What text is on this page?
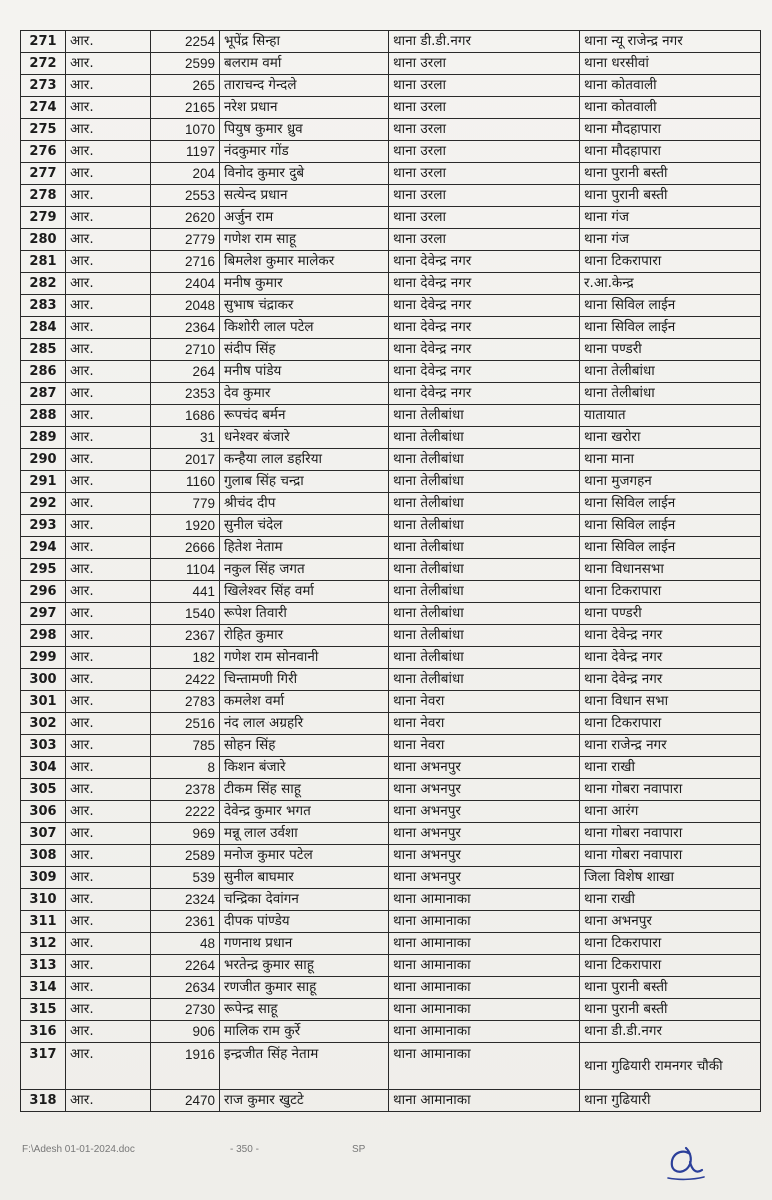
271	आर.	2254	भूपेंद्र सिन्हा	थाना डी.डी.नगर	थाना न्यू राजेन्द्र नगर
272	आर.	2599	बलराम वर्मा	थाना उरला	थाना धरसीवां
273	आर.	265	ताराचन्द गेन्दले	थाना उरला	थाना कोतवाली
274	आर.	2165	नरेश प्रधान	थाना उरला	थाना कोतवाली
275	आर.	1070	पियुष कुमार ध्रुव	थाना उरला	थाना मौदहापारा
276	आर.	1197	नंदकुमार गोंड	थाना उरला	थाना मौदहापारा
277	आर.	204	विनोद कुमार दुबे	थाना उरला	थाना पुरानी बस्ती
278	आर.	2553	सत्येन्द प्रधान	थाना उरला	थाना पुरानी बस्ती
279	आर.	2620	अर्जुन राम	थाना उरला	थाना गंज
280	आर.	2779	गणेश राम साहू	थाना उरला	थाना गंज
281	आर.	2716	बिमलेश कुमार मालेकर	थाना देवेन्द्र नगर	थाना टिकरापारा
282	आर.	2404	मनीष कुमार	थाना देवेन्द्र नगर	र.आ.केन्द्र
283	आर.	2048	सुभाष चंद्राकर	थाना देवेन्द्र नगर	थाना सिविल लाईन
284	आर.	2364	किशोरी लाल पटेल	थाना देवेन्द्र नगर	थाना सिविल लाईन
285	आर.	2710	संदीप सिंह	थाना देवेन्द्र नगर	थाना पण्डरी
286	आर.	264	मनीष पांडेय	थाना देवेन्द्र नगर	थाना तेलीबांधा
287	आर.	2353	देव कुमार	थाना देवेन्द्र नगर	थाना तेलीबांधा
288	आर.	1686	रूपचंद बर्मन	थाना तेलीबांधा	यातायात
289	आर.	31	धनेश्वर बंजारे	थाना तेलीबांधा	थाना खरोरा
290	आर.	2017	कन्हैया लाल डहरिया	थाना तेलीबांधा	थाना माना
291	आर.	1160	गुलाब सिंह चन्द्रा	थाना तेलीबांधा	थाना मुजगहन
292	आर.	779	श्रीचंद दीप	थाना तेलीबांधा	थाना सिविल लाईन
293	आर.	1920	सुनील चंदेल	थाना तेलीबांधा	थाना सिविल लाईन
294	आर.	2666	हितेश नेताम	थाना तेलीबांधा	थाना सिविल लाईन
295	आर.	1104	नकुल सिंह जगत	थाना तेलीबांधा	थाना विधानसभा
296	आर.	441	खिलेश्वर सिंह वर्मा	थाना तेलीबांधा	थाना टिकरापारा
297	आर.	1540	रूपेश तिवारी	थाना तेलीबांधा	थाना पण्डरी
298	आर.	2367	रोहित कुमार	थाना तेलीबांधा	थाना देवेन्द्र नगर
299	आर.	182	गणेश राम सोनवानी	थाना तेलीबांधा	थाना देवेन्द्र नगर
300	आर.	2422	चिन्तामणी गिरी	थाना तेलीबांधा	थाना देवेन्द्र नगर
301	आर.	2783	कमलेश वर्मा	थाना नेवरा	थाना विधान सभा
302	आर.	2516	नंद लाल अग्रहरि	थाना नेवरा	थाना टिकरापारा
303	आर.	785	सोहन सिंह	थाना नेवरा	थाना राजेन्द्र नगर
304	आर.	8	किशन बंजारे	थाना अभनपुर	थाना राखी
305	आर.	2378	टीकम सिंह साहू	थाना अभनपुर	थाना गोबरा नवापारा
306	आर.	2222	देवेन्द्र कुमार भगत	थाना अभनपुर	थाना आरंग
307	आर.	969	मन्नू लाल उर्वशा	थाना अभनपुर	थाना गोबरा नवापारा
308	आर.	2589	मनोज कुमार पटेल	थाना अभनपुर	थाना गोबरा नवापारा
309	आर.	539	सुनील बाघमार	थाना अभनपुर	जिला विशेष शाखा
310	आर.	2324	चन्द्रिका देवांगन	थाना आमानाका	थाना राखी
311	आर.	2361	दीपक पांण्डेय	थाना आमानाका	थाना अभनपुर
312	आर.	48	गणनाथ प्रधान	थाना आमानाका	थाना टिकरापारा
313	आर.	2264	भरतेन्द्र कुमार साहू	थाना आमानाका	थाना टिकरापारा
314	आर.	2634	रणजीत कुमार साहू	थाना आमानाका	थाना पुरानी बस्ती
315	आर.	2730	रूपेन्द्र साहू	थाना आमानाका	थाना पुरानी बस्ती
316	आर.	906	मालिक राम कुर्रे	थाना आमानाका	थाना डी.डी.नगर
317	आर.	1916	इन्द्रजीत सिंह नेताम	थाना आमानाका	थाना गुढियारी रामनगर चौकी
318	आर.	2470	राज कुमार खुटटे	थाना आमानाका	थाना गुढियारी
F:\Adesh 01-01-2024.doc	- 350 -	SP
